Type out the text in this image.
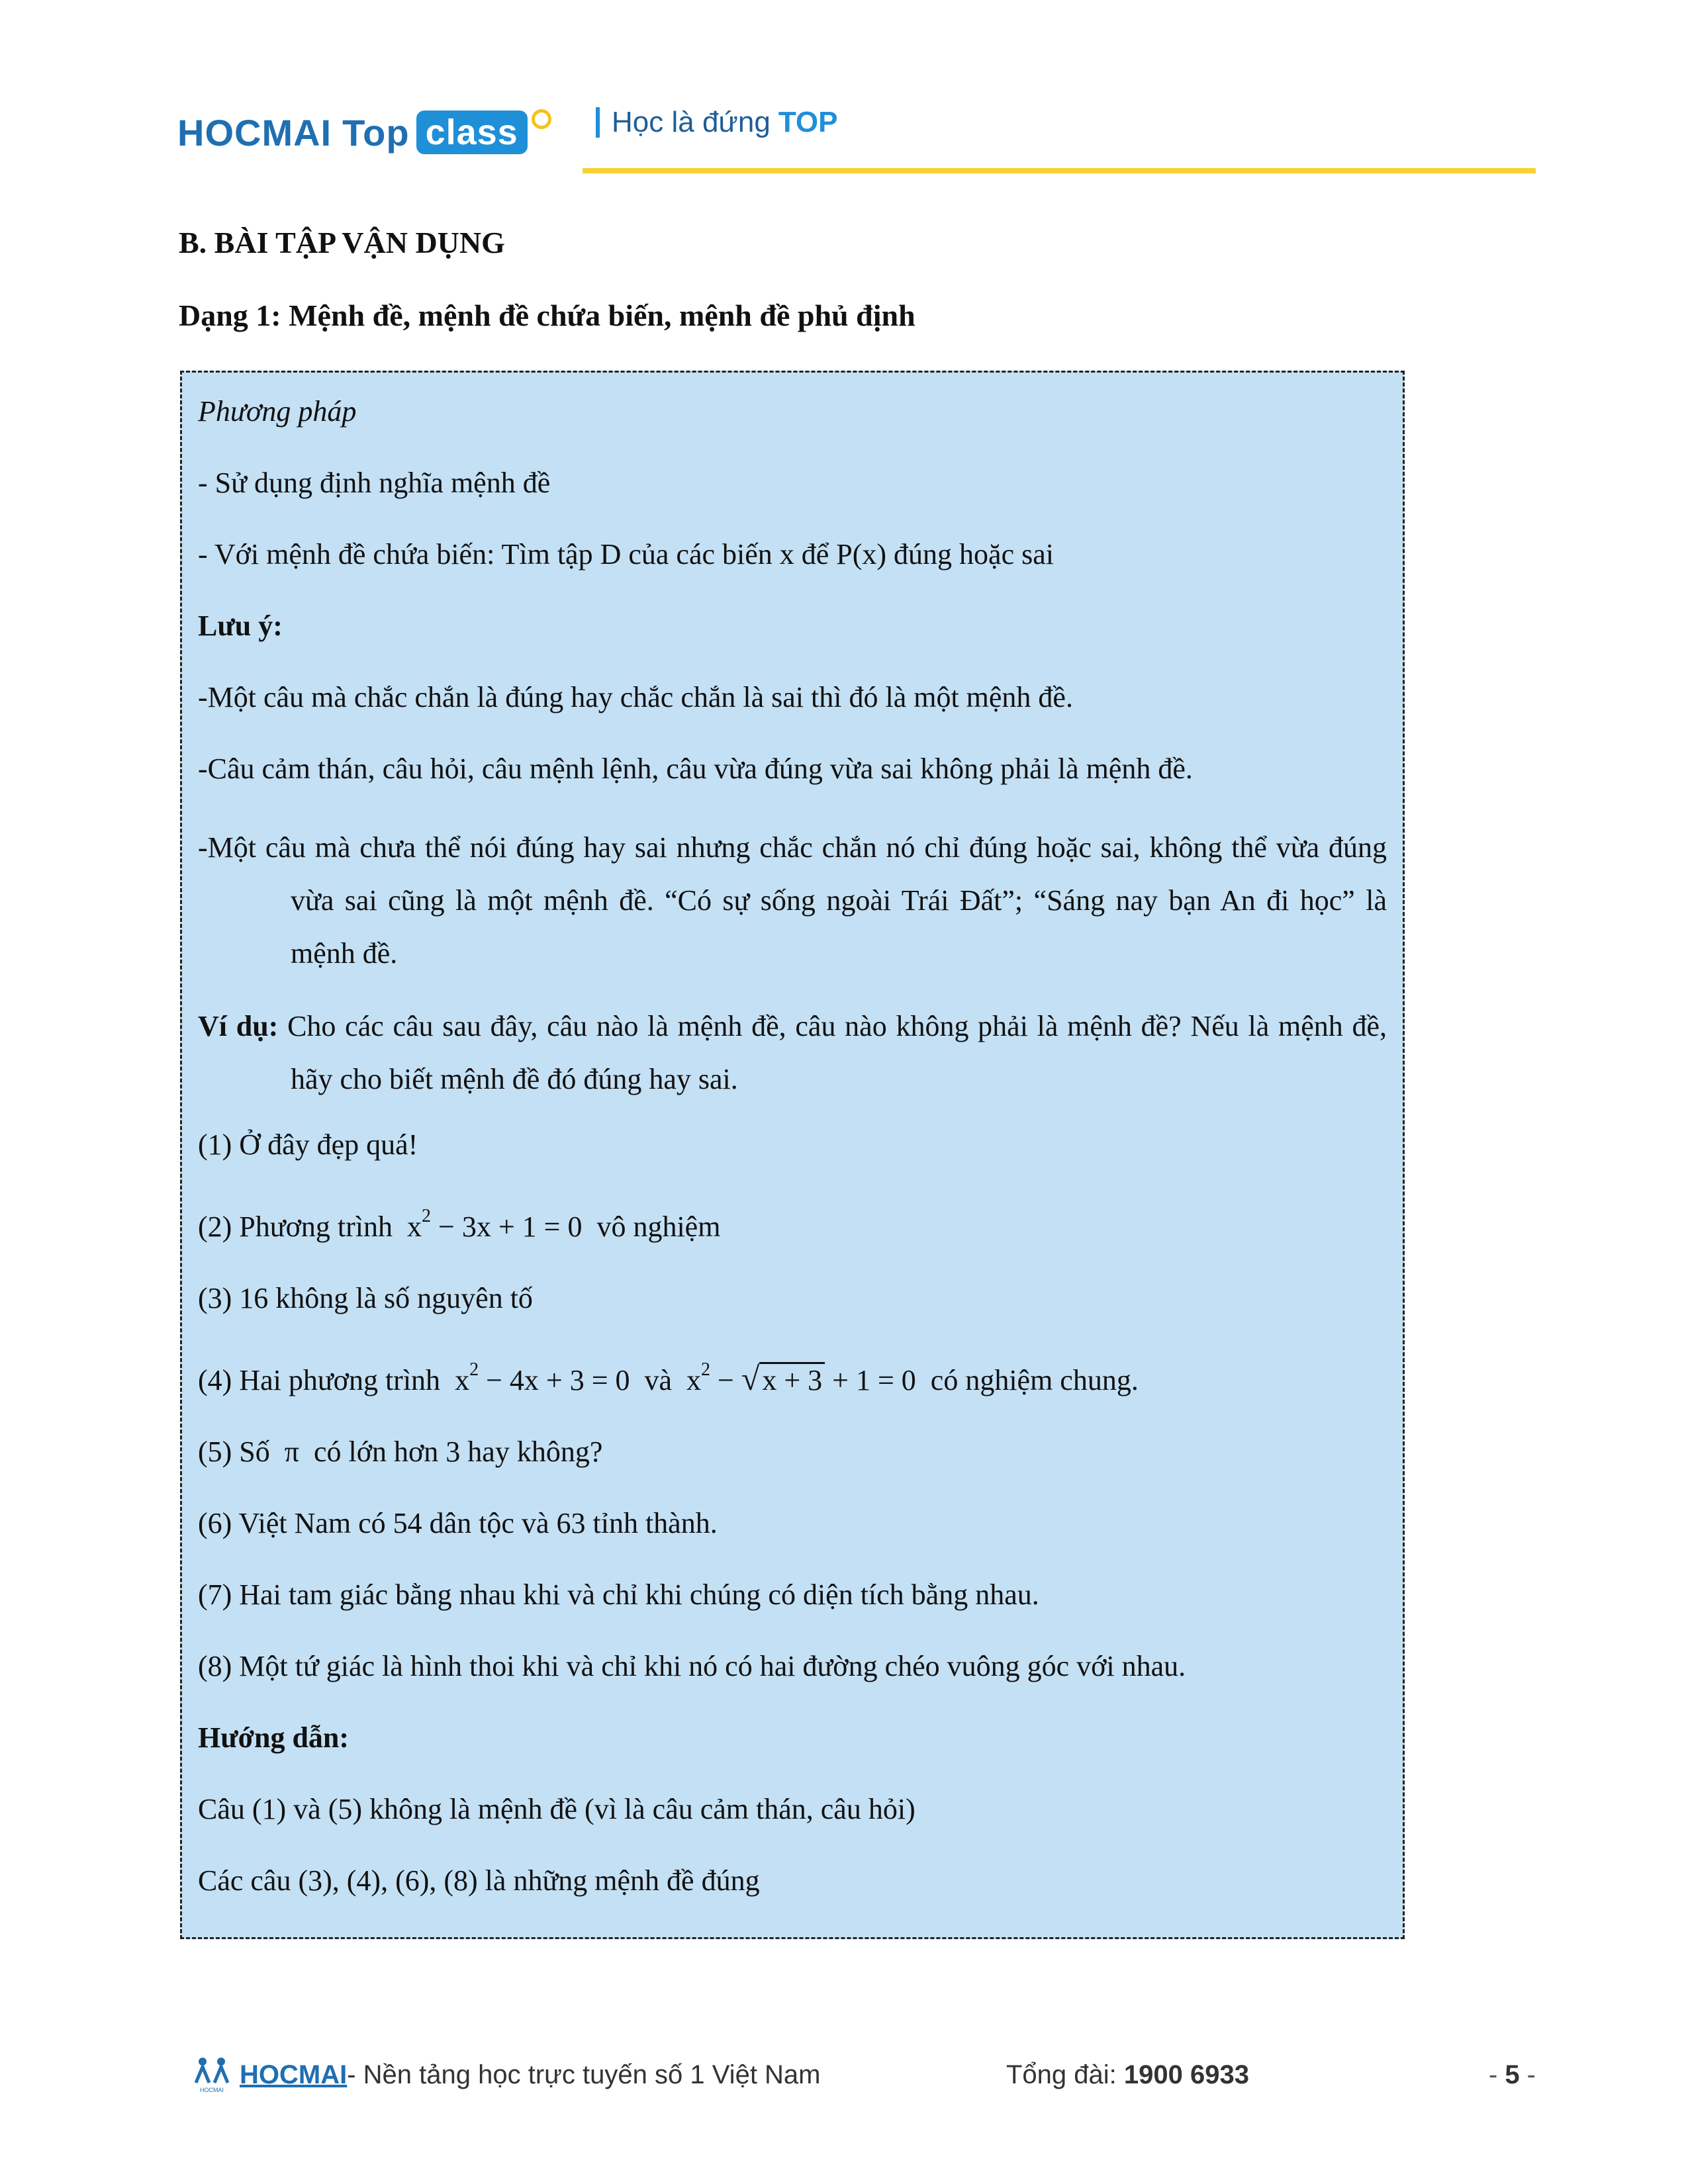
HOCMAI Top class	Học là đứng TOP
B. BÀI TẬP VẬN DỤNG
Dạng 1: Mệnh đề, mệnh đề chứa biến, mệnh đề phủ định

Phương pháp

- Sử dụng định nghĩa mệnh đề

- Với mệnh đề chứa biến: Tìm tập D của các biến x để P(x) đúng hoặc sai

Lưu ý:

-Một câu mà chắc chắn là đúng hay chắc chắn là sai thì đó là một mệnh đề.

-Câu cảm thán, câu hỏi, câu mệnh lệnh, câu vừa đúng vừa sai không phải là mệnh đề.

-Một câu mà chưa thể nói đúng hay sai nhưng chắc chắn nó chỉ đúng hoặc sai, không thể vừa đúng vừa sai cũng là một mệnh đề. “Có sự sống ngoài Trái Đất”; “Sáng nay bạn An đi học” là mệnh đề.

Ví dụ: Cho các câu sau đây, câu nào là mệnh đề, câu nào không phải là mệnh đề? Nếu là mệnh đề, hãy cho biết mệnh đề đó đúng hay sai.

(1) Ở đây đẹp quá!

(2) Phương trình $x^2 - 3x + 1 = 0$ vô nghiệm

(3) 16 không là số nguyên tố

(4) Hai phương trình $x^2 - 4x + 3 = 0$ và $x^2 - √x + 3 + 1 = 0$ có nghiệm chung.

(5) Số π có lớn hơn 3 hay không?

(6) Việt Nam có 54 dân tộc và 63 tỉnh thành.

(7) Hai tam giác bằng nhau khi và chỉ khi chúng có diện tích bằng nhau.

(8) Một tứ giác là hình thoi khi và chỉ khi nó có hai đường chéo vuông góc với nhau.

Hướng dẫn:

Câu (1) và (5) không là mệnh đề (vì là câu cảm thán, câu hỏi)

Các câu (3), (4), (6), (8) là những mệnh đề đúng

HOCMAI
HOCMAI - Nền tảng học trực tuyến số 1 Việt Nam	Tổng đài: 1900 6933	- 5 -
